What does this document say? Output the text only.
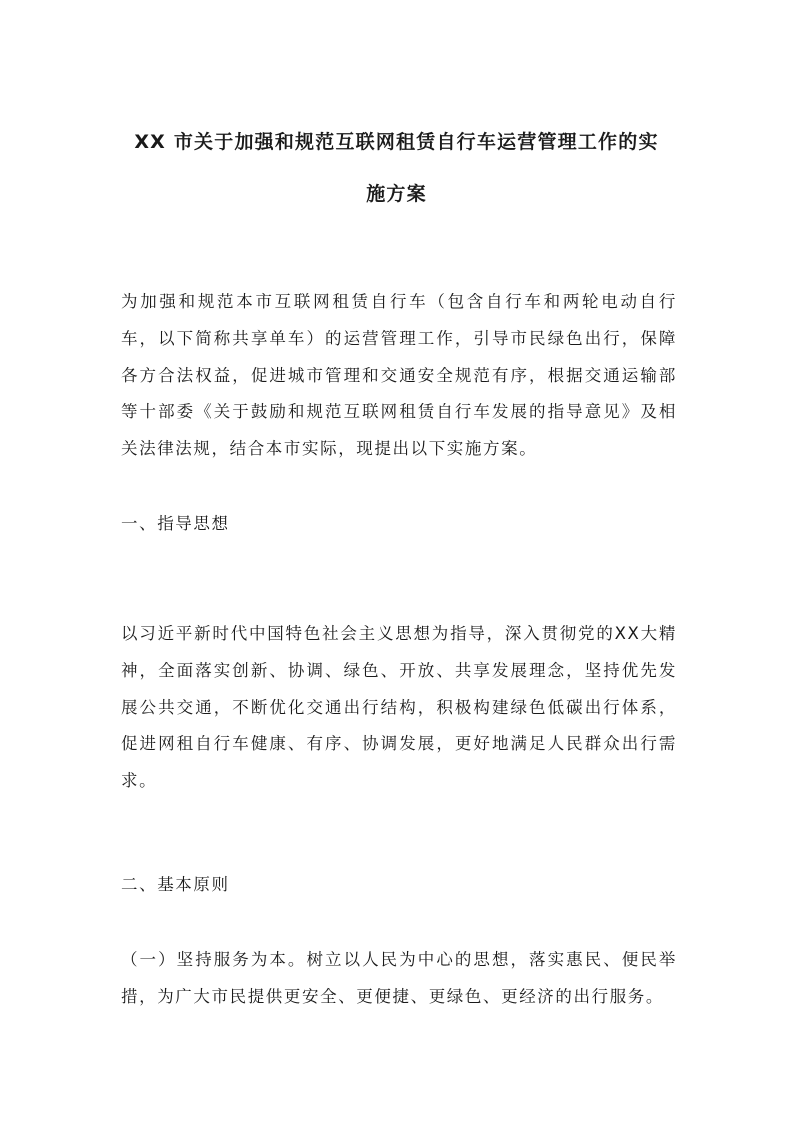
XX 市关于加强和规范互联网租赁自行车运营管理工作的实
施方案

为加强和规范本市互联网租赁自行车（包含自行车和两轮电动自行车，以下简称共享单车）的运营管理工作，引导市民绿色出行，保障各方合法权益，促进城市管理和交通安全规范有序，根据交通运输部等十部委《关于鼓励和规范互联网租赁自行车发展的指导意见》及相关法律法规，结合本市实际，现提出以下实施方案。

一、指导思想

以习近平新时代中国特色社会主义思想为指导，深入贯彻党的XX大精神，全面落实创新、协调、绿色、开放、共享发展理念，坚持优先发展公共交通，不断优化交通出行结构，积极构建绿色低碳出行体系，促进网租自行车健康、有序、协调发展，更好地满足人民群众出行需求。

二、基本原则

（一）坚持服务为本。树立以人民为中心的思想，落实惠民、便民举措，为广大市民提供更安全、更便捷、更绿色、更经济的出行服务。
